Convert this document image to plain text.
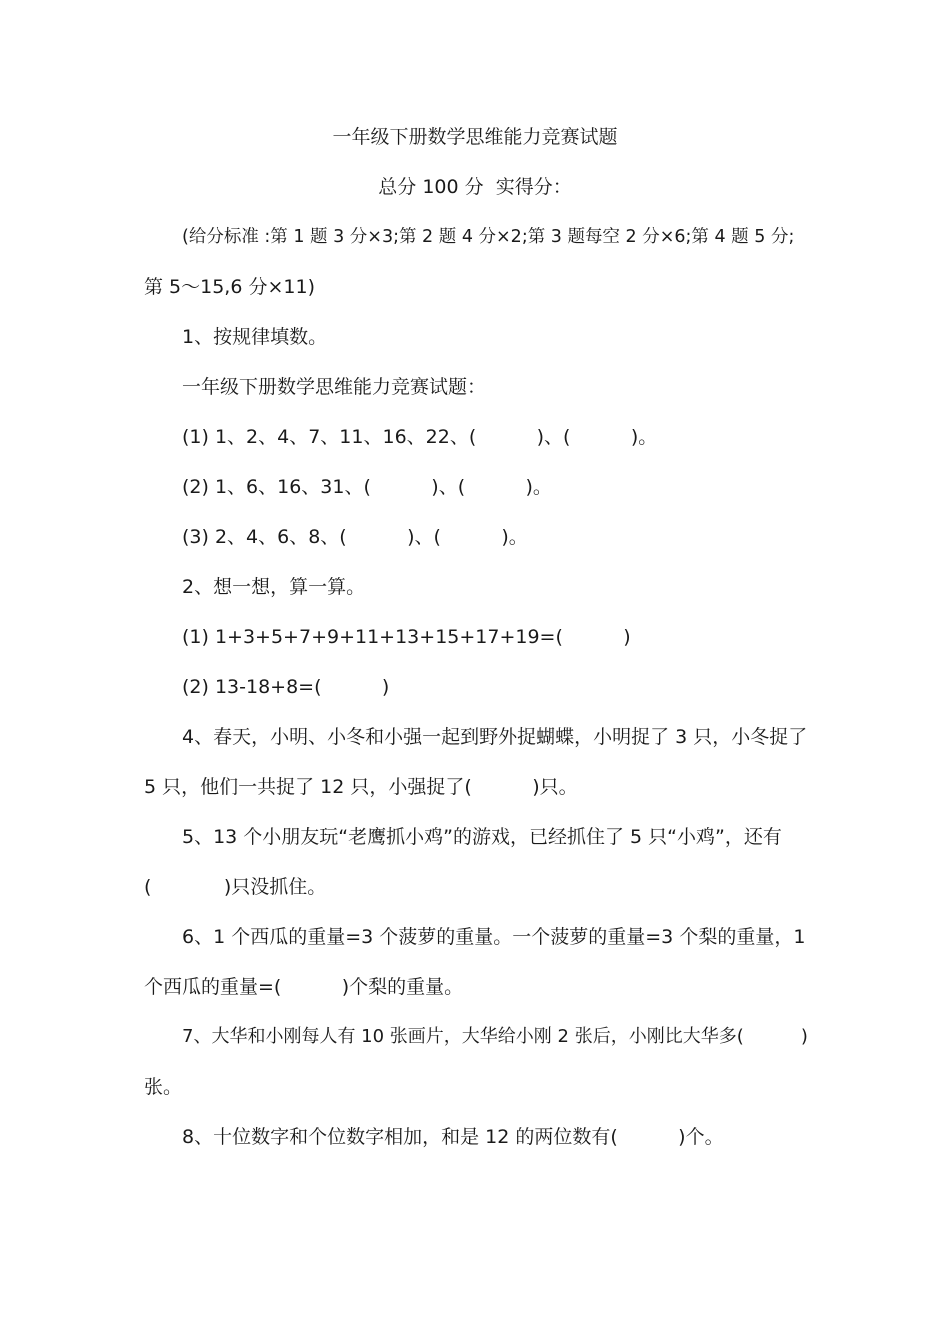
一年级下册数学思维能力竞赛试题
总分 100 分  实得分：
(给分标准 :第 1 题 3 分×3;第 2 题 4 分×2;第 3 题每空 2 分×6;第 4 题 5 分;
第 5～15,6 分×11)
1、按规律填数。
一年级下册数学思维能力竞赛试题：
(1) 1、2、4、7、11、16、22、(          )、(          )。
(2) 1、6、16、31、(          )、(          )。
(3) 2、4、6、8、(          )、(          )。
2、想一想，算一算。
(1) 1+3+5+7+9+11+13+15+17+19=(          )
(2) 13-18+8=(          )
4、春天，小明、小冬和小强一起到野外捉蝴蝶，小明捉了 3 只，小冬捉了
5 只，他们一共捉了 12 只，小强捉了(          )只。
5、13 个小朋友玩“老鹰抓小鸡”的游戏，已经抓住了 5 只“小鸡”，还有
(            )只没抓住。
6、1 个西瓜的重量=3 个菠萝的重量。一个菠萝的重量=3 个梨的重量，1
个西瓜的重量=(          )个梨的重量。
7、大华和小刚每人有 10 张画片，大华给小刚 2 张后，小刚比大华多(          )
张。
8、十位数字和个位数字相加，和是 12 的两位数有(          )个。
